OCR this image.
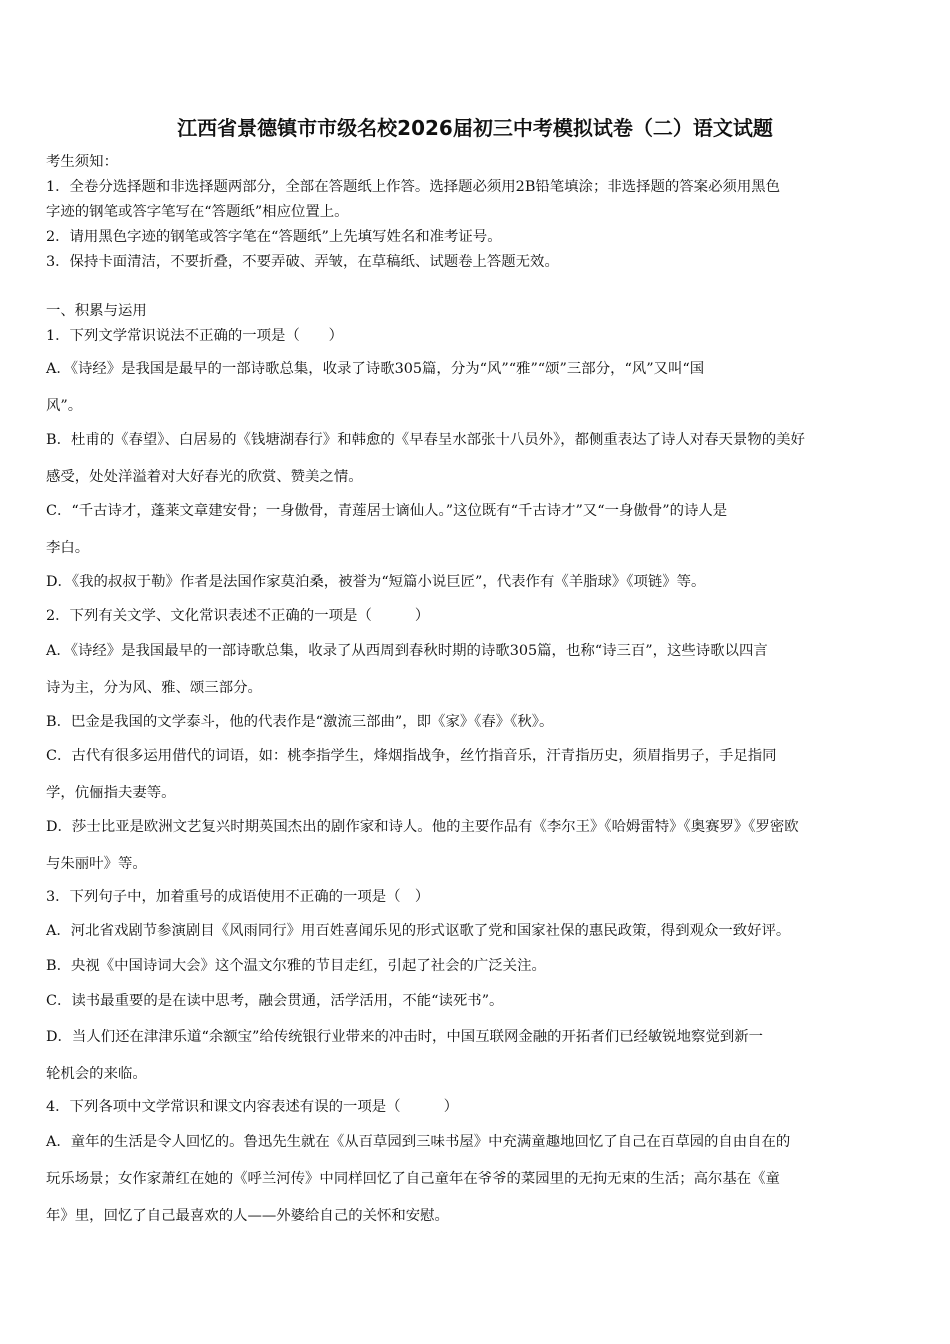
江西省景德镇市市级名校2026届初三中考模拟试卷（二）语文试题
考生须知：
1．全卷分选择题和非选择题两部分，全部在答题纸上作答。选择题必须用2B铅笔填涂；非选择题的答案必须用黑色
字迹的钢笔或答字笔写在“答题纸”相应位置上。
2．请用黑色字迹的钢笔或答字笔在“答题纸”上先填写姓名和准考证号。
3．保持卡面清洁，不要折叠，不要弄破、弄皱，在草稿纸、试题卷上答题无效。
一、积累与运用
1．下列文学常识说法不正确的一项是（　　）
A．《诗经》是我国是最早的一部诗歌总集，收录了诗歌305篇，分为“风”“雅”“颂”三部分，“风”又叫“国
风”。
B．杜甫的《春望》、白居易的《钱塘湖春行》和韩愈的《早春呈水部张十八员外》，都侧重表达了诗人对春天景物的美好
感受，处处洋溢着对大好春光的欣赏、赞美之情。
C．“千古诗才，蓬莱文章建安骨；一身傲骨，青莲居士谪仙人。”这位既有“千古诗才”又“一身傲骨”的诗人是
李白。
D．《我的叔叔于勒》作者是法国作家莫泊桑，被誉为“短篇小说巨匠”，代表作有《羊脂球》《项链》等。
2．下列有关文学、文化常识表述不正确的一项是（　　　）
A．《诗经》是我国最早的一部诗歌总集，收录了从西周到春秋时期的诗歌305篇，也称“诗三百”，这些诗歌以四言
诗为主，分为风、雅、颂三部分。
B．巴金是我国的文学泰斗，他的代表作是“激流三部曲”，即《家》《春》《秋》。
C．古代有很多运用借代的词语，如：桃李指学生，烽烟指战争，丝竹指音乐，汗青指历史，须眉指男子，手足指同
学，伉俪指夫妻等。
D．莎士比亚是欧洲文艺复兴时期英国杰出的剧作家和诗人。他的主要作品有《李尔王》《哈姆雷特》《奥赛罗》《罗密欧
与朱丽叶》等。
3．下列句子中，加着重号的成语使用不正确的一项是（　）
A．河北省戏剧节参演剧目《风雨同行》用百姓喜闻乐见的形式讴歌了党和国家社保的惠民政策，得到观众一致好评。
B．央视《中国诗词大会》这个温文尔雅的节目走红，引起了社会的广泛关注。
C．读书最重要的是在读中思考，融会贯通，活学活用，不能“读死书”。
D．当人们还在津津乐道“余额宝”给传统银行业带来的冲击时，中国互联网金融的开拓者们已经敏锐地察觉到新一
轮机会的来临。
4．下列各项中文学常识和课文内容表述有误的一项是（　　　）
A．童年的生活是令人回忆的。鲁迅先生就在《从百草园到三味书屋》中充满童趣地回忆了自己在百草园的自由自在的
玩乐场景；女作家萧红在她的《呼兰河传》中同样回忆了自己童年在爷爷的菜园里的无拘无束的生活；高尔基在《童
年》里，回忆了自己最喜欢的人——外婆给自己的关怀和安慰。
